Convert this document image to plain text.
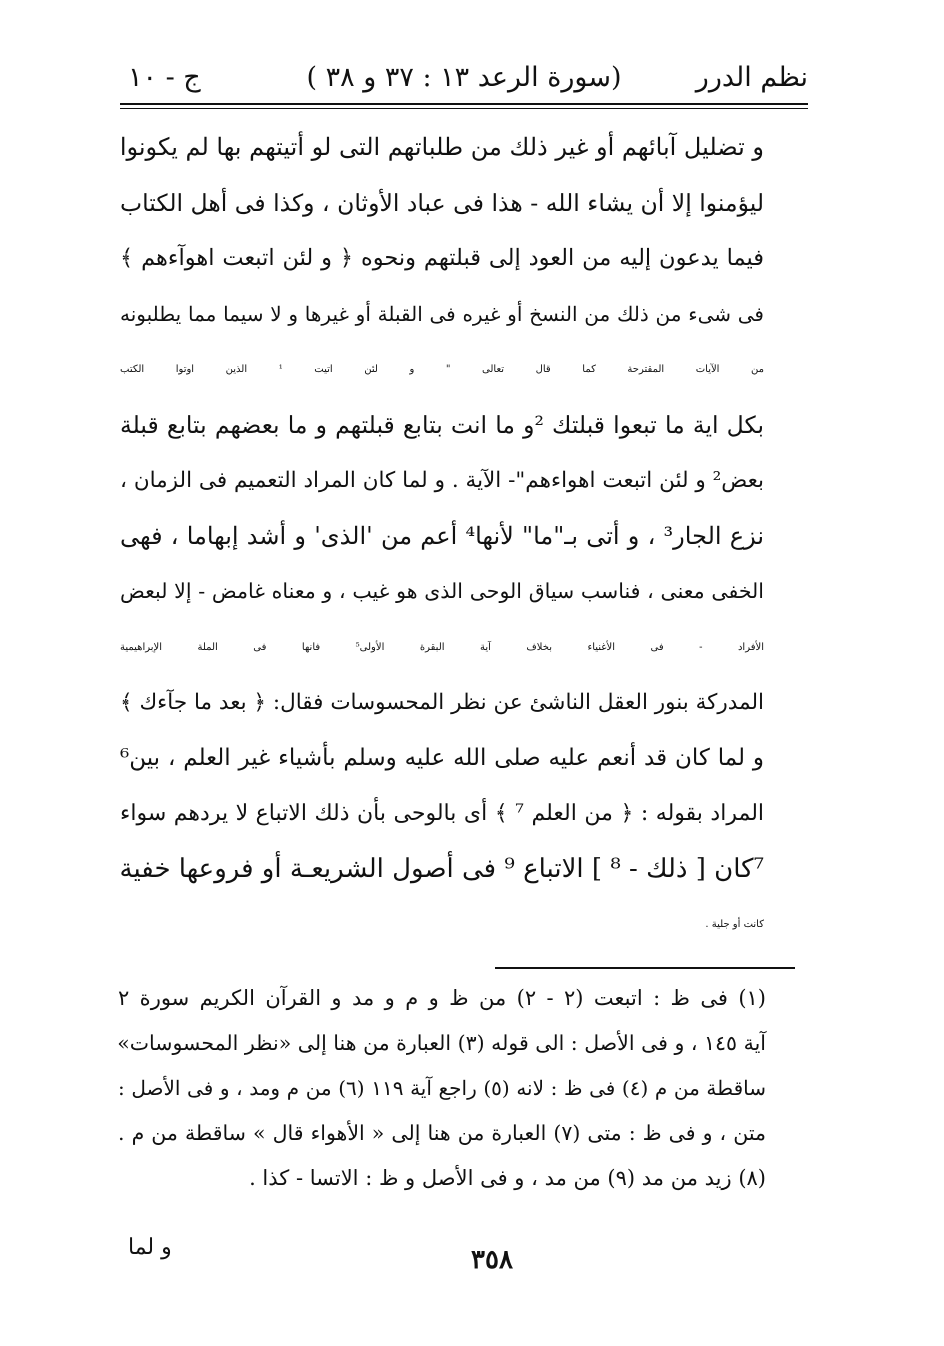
نظم الدرر
(سورة الرعد ١٣ : ٣٧ و ٣٨ )
ج - ١٠
و تضليل آبائهم أو غير ذلك من طلباتهم التى لو أتيتهم بها لم يكونوا
ليؤمنوا إلا أن يشاء الله - هذا فى عباد الأوثان ، وكذا فى أهل الكتاب
فيما يدعون إليه من العود إلى قبلتهم ونحوه ﴿ و لئن اتبعت اهوآءهم ﴾
فى شىء من ذلك من النسخ أو غيره فى القبلة أو غيرها و لا سيما مما يطلبونه
من الآيات المقترحة كما قال تعالى " و لئن اتيت ¹ الذين اوتوا الكتب
بكل اية ما تبعوا قبلتك ²و ما انت بتابع قبلتهم و ما بعضهم بتابع قبلة
بعض² و لئن اتبعت اهواءهم"- الآية . و لما كان المراد التعميم فى الزمان ،
نزع الجار³ ، و أتى بـ"ما" لأنها⁴ أعم من 'الذى' و أشد إبهاما ، فهى
الخفى معنى ، فناسب سياق الوحى الذى هو غيب ، و معناه غامض - إلا لبعض
الأفراد - فى الأغنياء بخلاف آية البقرة الأولى⁵ فانها فى الملة الإبراهيمية
المدركة بنور العقل الناشئ عن نظر المحسوسات فقال: ﴿ بعد ما جآءك ﴾
و لما كان قد أنعم عليه صلى الله عليه وسلم بأشياء غير العلم ، بين⁶
المراد بقوله : ﴿ من العلم ⁷ ﴾ أى بالوحى بأن ذلك الاتباع لا يردهم سواء
⁷كان [ ذلك - ⁸ ] الاتباع ⁹ فى أصول الشريعـة أو فروعها خفية
كانت أو جلية .
(١) فى ظ : اتبعت (٢ - ٢) من ظ و م و مد و القرآن الكريم سورة ٢
آية ١٤٥ ، و فى الأصل : الى قوله (٣) العبارة من هنا إلى «نظر المحسوسات»
ساقطة من م (٤) فى ظ : لانه (٥) راجع آية ١١٩ (٦) من م ومد ، و فى الأصل :
متن ، و فى ظ : متى (٧) العبارة من هنا إلى « الأهواء قال » ساقطة من م .
(٨) زيد من مد (٩) من مد ، و فى الأصل و ظ : الاتسا - كذا .
و لما	٣٥٨
